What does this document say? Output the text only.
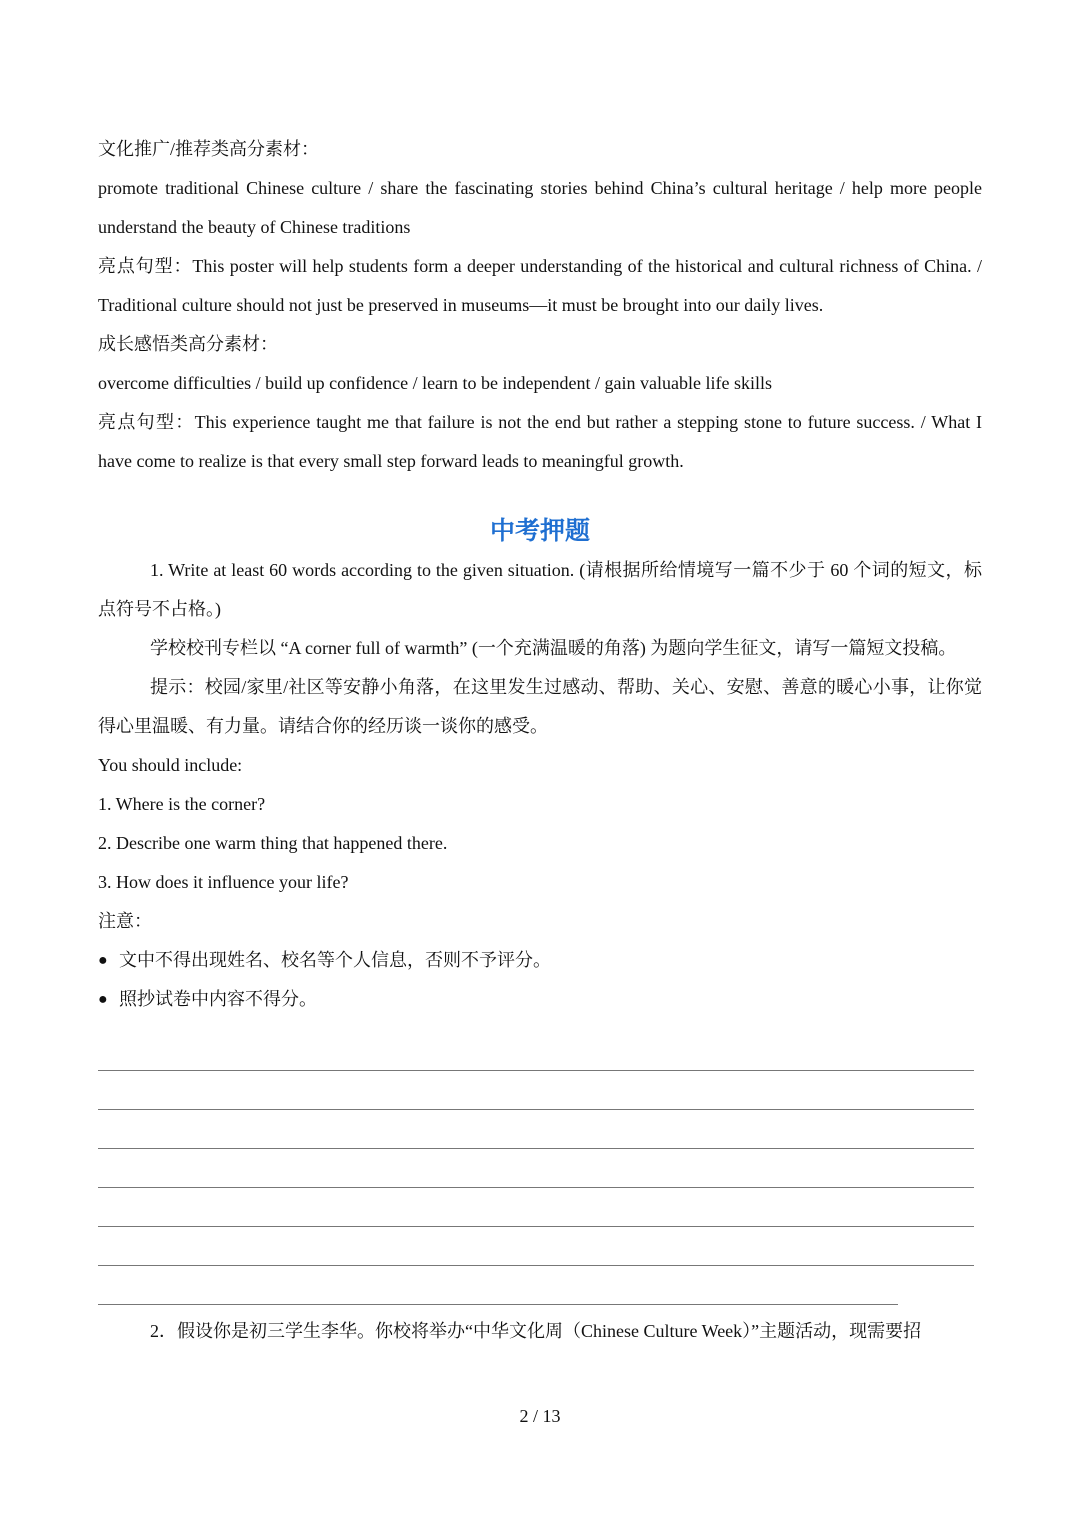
文化推广/推荐类高分素材：
promote traditional Chinese culture / share the fascinating stories behind China’s cultural heritage / help more people understand the beauty of Chinese traditions
亮点句型：This poster will help students form a deeper understanding of the historical and cultural richness of China. / Traditional culture should not just be preserved in museums—it must be brought into our daily lives.
成长感悟类高分素材：
overcome difficulties / build up confidence / learn to be independent / gain valuable life skills
亮点句型：This experience taught me that failure is not the end but rather a stepping stone to future success. / What I have come to realize is that every small step forward leads to meaningful growth.
中考押题
1. Write at least 60 words according to the given situation. (请根据所给情境写一篇不少于 60 个词的短文，标点符号不占格。)
学校校刊专栏以 “A corner full of warmth” (一个充满温暖的角落) 为题向学生征文，请写一篇短文投稿。
提示：校园/家里/社区等安静小角落，在这里发生过感动、帮助、关心、安慰、善意的暖心小事，让你觉得心里温暖、有力量。请结合你的经历谈一谈你的感受。
You should include:
1. Where is the corner?
2. Describe one warm thing that happened there.
3. How does it influence your life?
注意：
● 文中不得出现姓名、校名等个人信息，否则不予评分。
● 照抄试卷中内容不得分。
2．假设你是初三学生李华。你校将举办“中华文化周（Chinese Culture Week）”主题活动，现需要招
2 / 13
